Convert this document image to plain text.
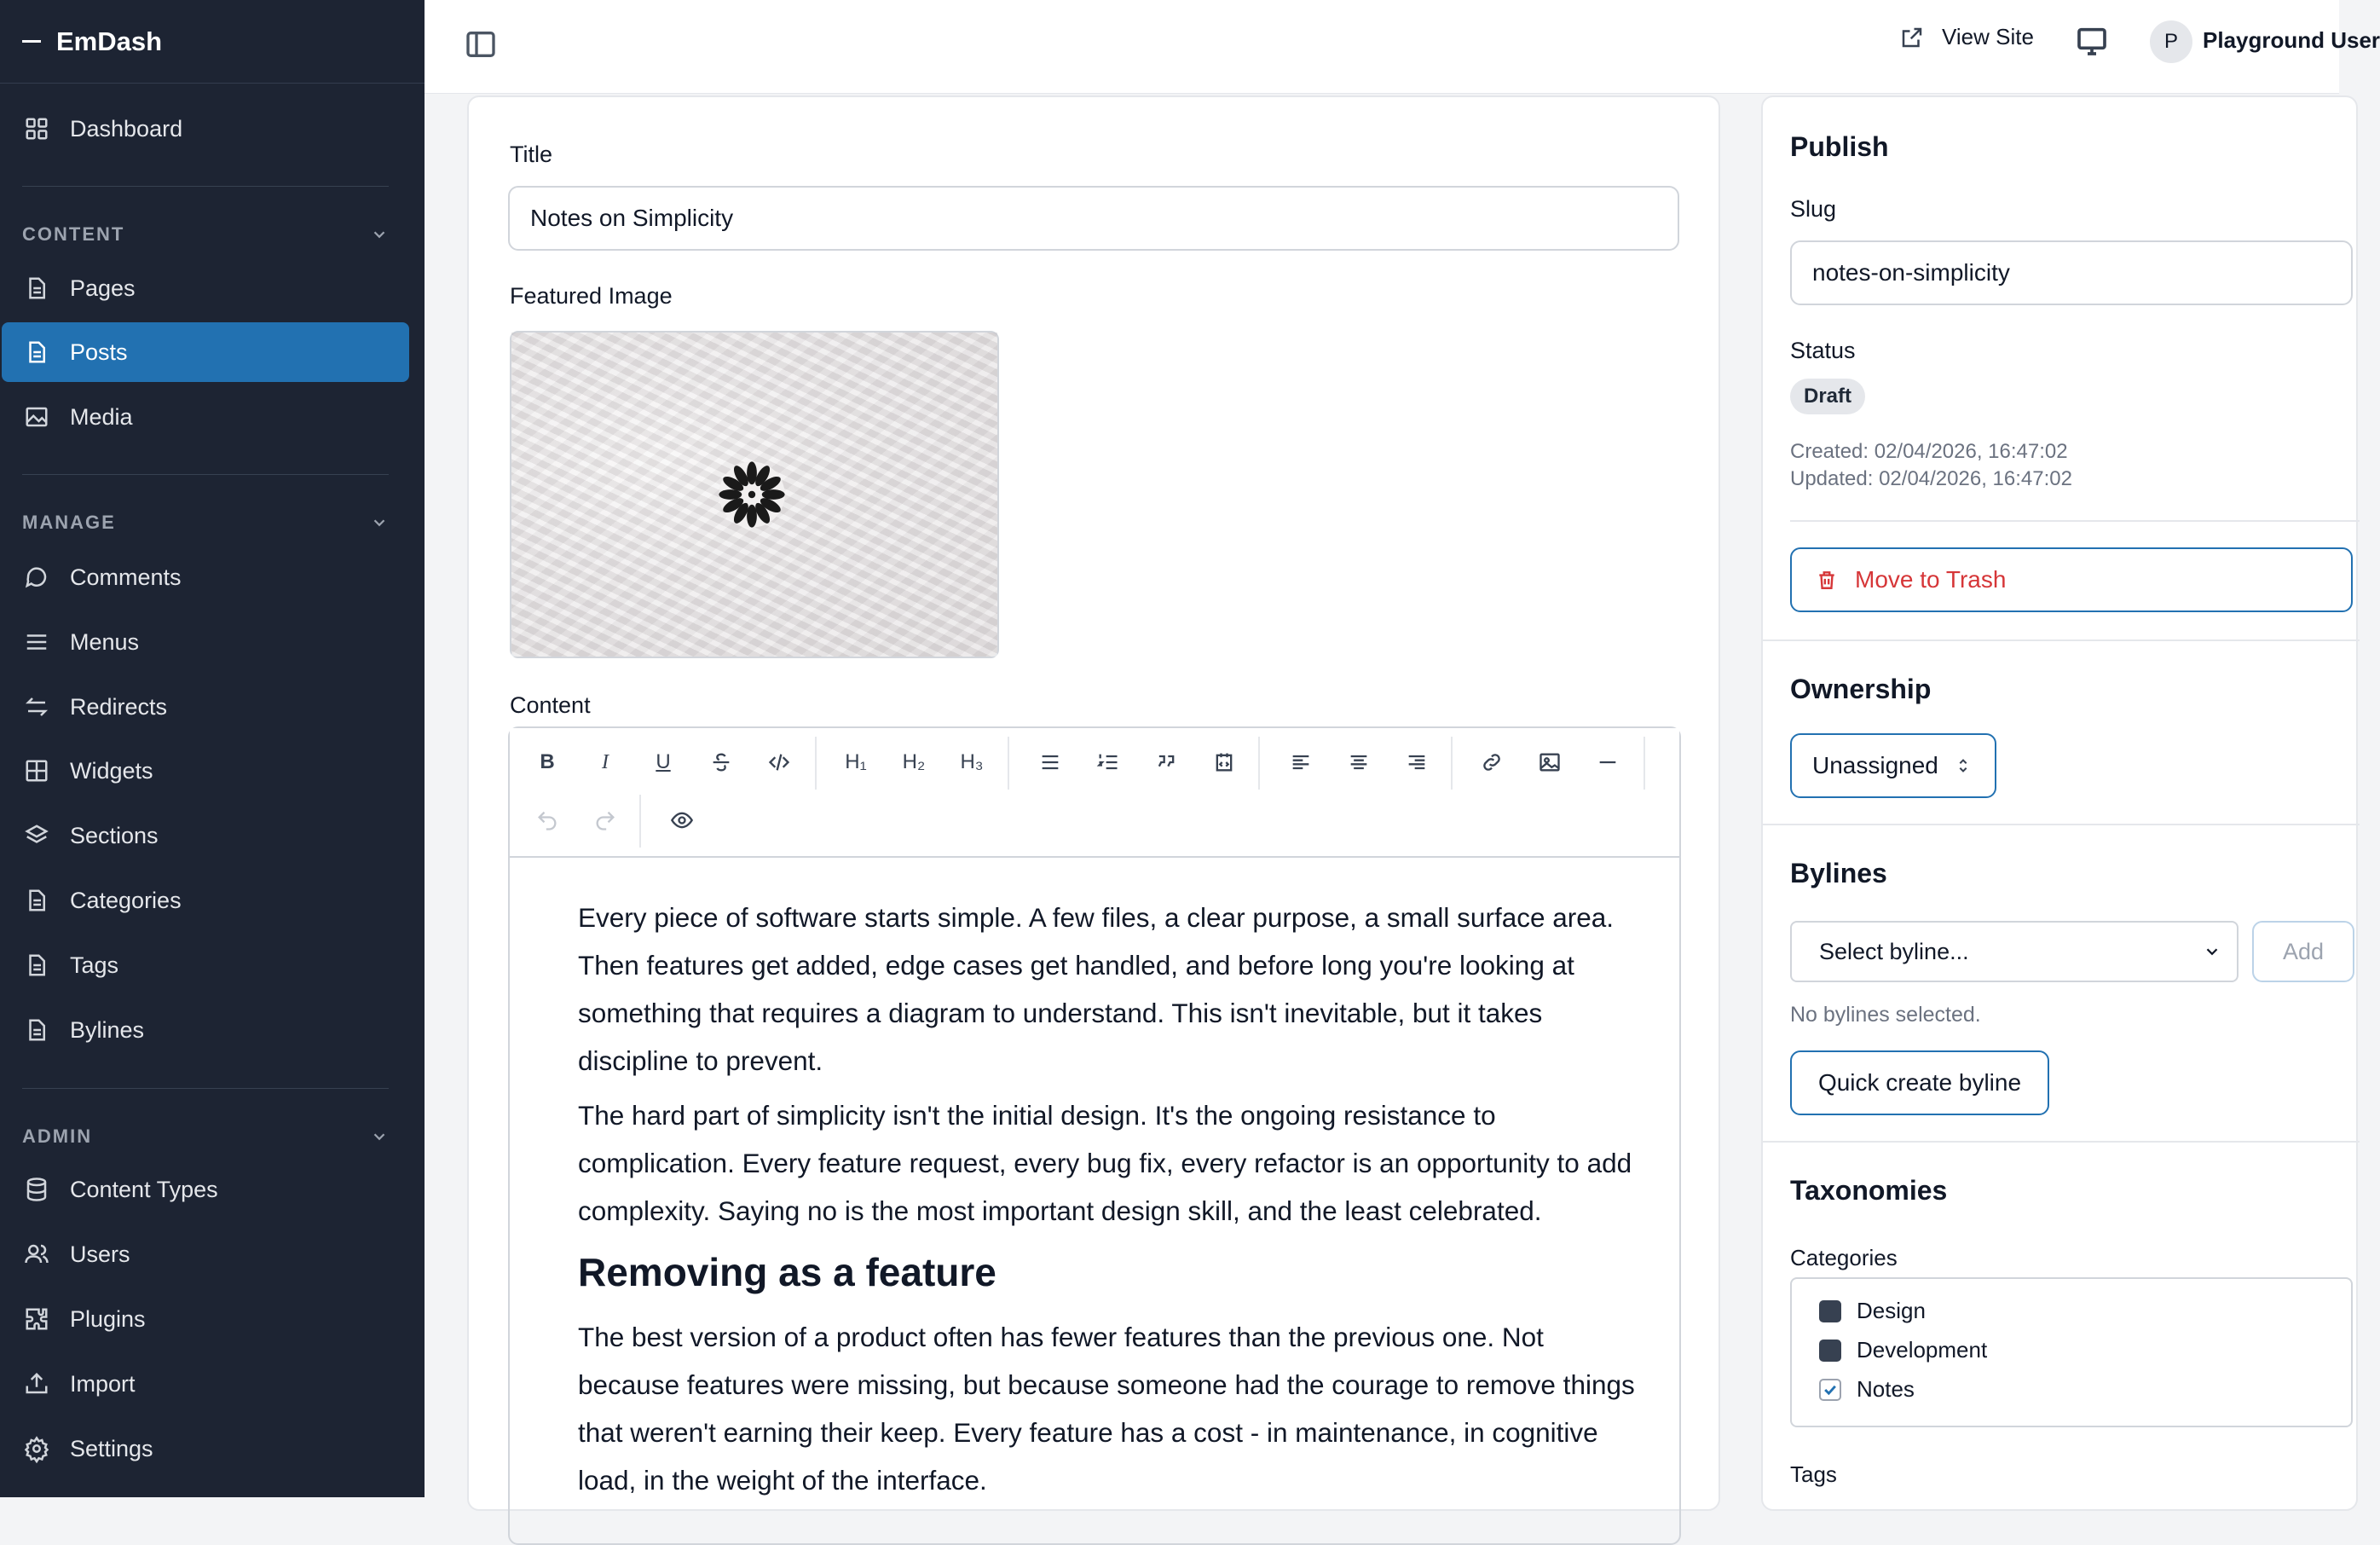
EmDash
Dashboard
CONTENT
Pages
Posts
Media
MANAGE
Comments
Menus
Redirects
Widgets
Sections
Categories
Tags
Bylines
ADMIN
Content Types
Users
Plugins
Import
Settings
View Site	P	Playground User
Title
Notes on Simplicity
Featured Image
Content
B	I	U	H₁	H₂	H₃

Every piece of software starts simple. A few files, a clear purpose, a small surface area. Then features get added, edge cases get handled, and before long you're looking at something that requires a diagram to understand. This isn't inevitable, but it takes discipline to prevent.

The hard part of simplicity isn't the initial design. It's the ongoing resistance to complication. Every feature request, every bug fix, every refactor is an opportunity to add complexity. Saying no is the most important design skill, and the least celebrated.

Removing as a feature

The best version of a product often has fewer features than the previous one. Not because features were missing, but because someone had the courage to remove things that weren't earning their keep. Every feature has a cost - in maintenance, in cognitive load, in the weight of the interface.

Publish
Slug
notes-on-simplicity
Status
Draft
Created: 02/04/2026, 16:47:02
Updated: 02/04/2026, 16:47:02
Move to Trash
Ownership
Unassigned
Bylines
Select byline...	Add
No bylines selected.
Quick create byline
Taxonomies
Categories
Design
Development
Notes
Tags
